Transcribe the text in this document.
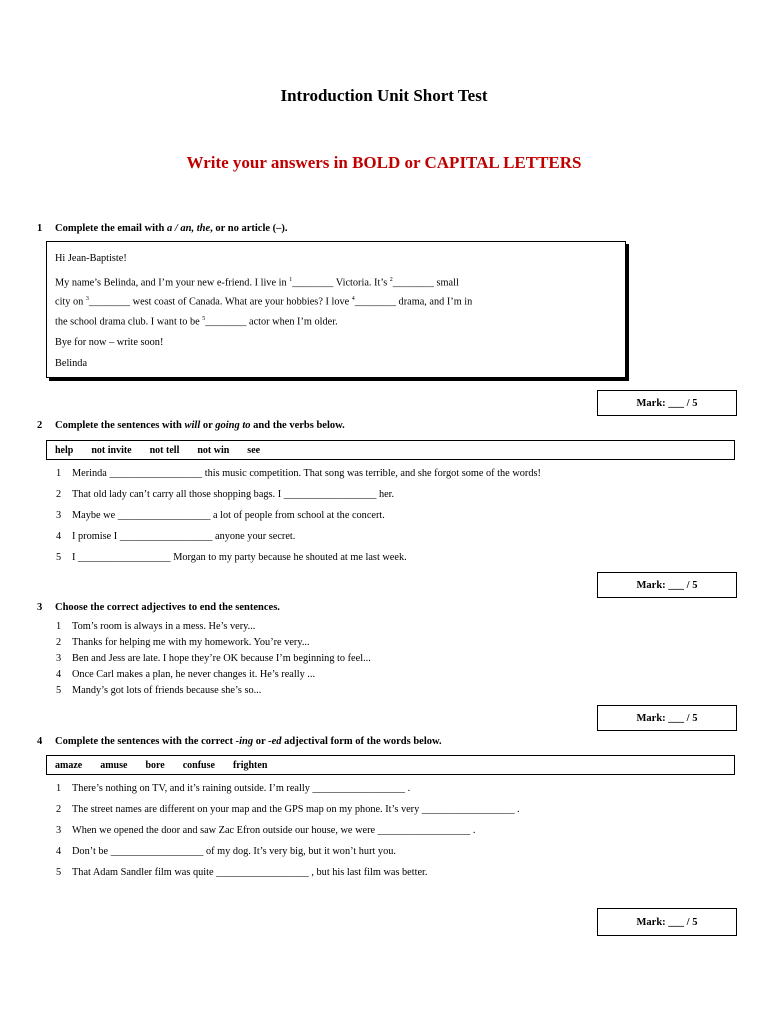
Introduction Unit Short Test
Write your answers in BOLD or CAPITAL LETTERS
1 Complete the email with a / an, the, or no article (–).

Hi Jean-Baptiste!

My name’s Belinda, and I’m your new e-friend. I live in $^1$________ Victoria. It’s $^2$________ small

city on $^3$________ west coast of Canada. What are your hobbies? I love $^4$________ drama, and I’m in

the school drama club. I want to be $^5$________ actor when I’m older.

Bye for now – write soon!

Belinda

Mark: ___ / 5
2 Complete the sentences with will or going to and the verbs below.
help not invite not tell not win see
1 Merinda __________________ this music competition. That song was terrible, and she forgot some of the words!
2 That old lady can’t carry all those shopping bags. I __________________ her.
3 Maybe we __________________ a lot of people from school at the concert.
4 I promise I __________________ anyone your secret.
5 I __________________ Morgan to my party because he shouted at me last week.
Mark: ___ / 5
3 Choose the correct adjectives to end the sentences.
1 Tom’s room is always in a mess. He’s very...
2 Thanks for helping me with my homework. You’re very...
3 Ben and Jess are late. I hope they’re OK because I’m beginning to feel...
4 Once Carl makes a plan, he never changes it. He’s really ...
5 Mandy’s got lots of friends because she’s so...
Mark: ___ / 5
4 Complete the sentences with the correct -ing or -ed adjectival form of the words below.
amaze amuse bore confuse frighten
1 There’s nothing on TV, and it’s raining outside. I’m really __________________ .
2 The street names are different on your map and the GPS map on my phone. It’s very __________________ .
3 When we opened the door and saw Zac Efron outside our house, we were __________________ .
4 Don’t be __________________ of my dog. It’s very big, but it won’t hurt you.
5 That Adam Sandler film was quite __________________ , but his last film was better.
Mark: ___ / 5
